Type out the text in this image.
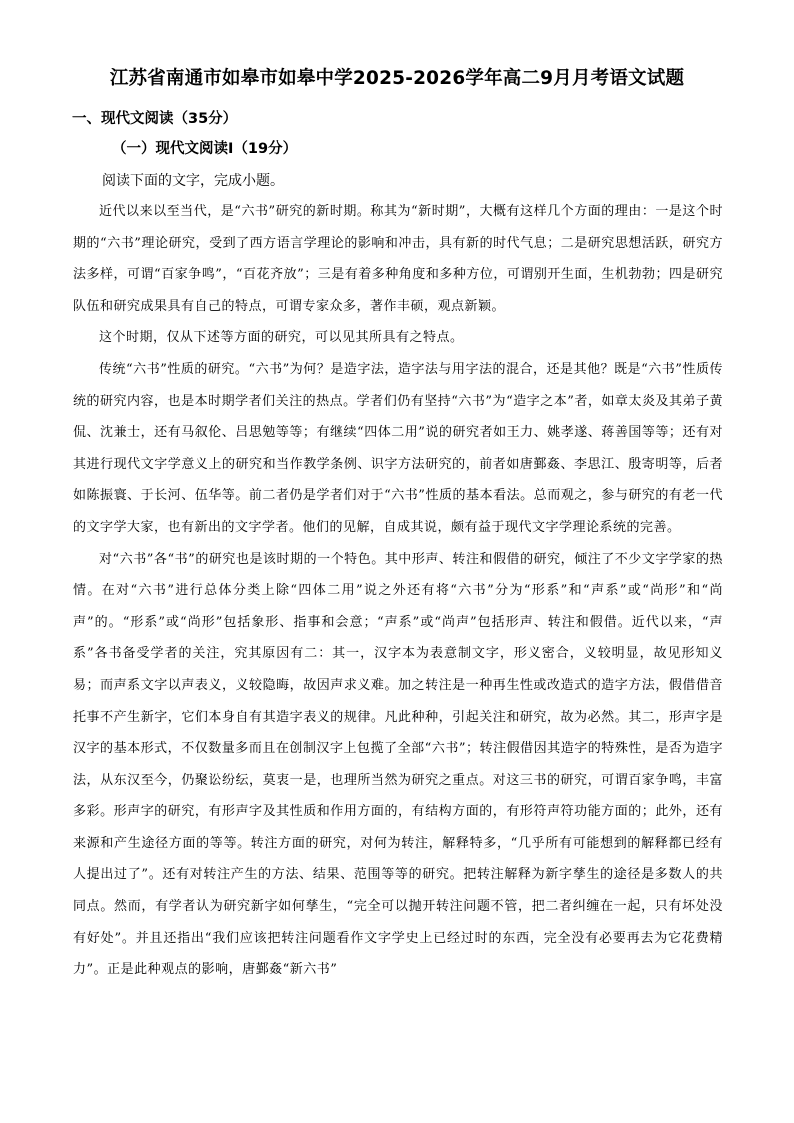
江苏省南通市如皋市如皋中学2025-2026学年高二9月月考语文试题
一、现代文阅读（35分）
（一）现代文阅读Ⅰ（19分）
阅读下面的文字，完成小题。

近代以来以至当代，是“六书”研究的新时期。称其为“新时期”，大概有这样几个方面的理由：一是这个时期的“六书”理论研究，受到了西方语言学理论的影响和冲击，具有新的时代气息；二是研究思想活跃，研究方法多样，可谓“百家争鸣”，“百花齐放”；三是有着多种角度和多种方位，可谓别开生面，生机勃勃；四是研究队伍和研究成果具有自己的特点，可谓专家众多，著作丰硕，观点新颖。

这个时期，仅从下述等方面的研究，可以见其所具有之特点。

传统“六书”性质的研究。“六书”为何？是造字法，造字法与用字法的混合，还是其他？既是“六书”性质传统的研究内容，也是本时期学者们关注的热点。学者们仍有坚持“六书”为“造字之本”者，如章太炎及其弟子黄侃、沈兼士，还有马叙伦、吕思勉等等；有继续“四体二用”说的研究者如王力、姚孝遂、蒋善国等等；还有对其进行现代文字学意义上的研究和当作教学条例、识字方法研究的，前者如唐鄞姦、李思江、殷寄明等，后者如陈振寰、于长河、伍华等。前二者仍是学者们对于“六书”性质的基本看法。总而观之，参与研究的有老一代的文字学大家，也有新出的文字学者。他们的见解，自成其说，颇有益于现代文字学理论系统的完善。

对“六书”各“书”的研究也是该时期的一个特色。其中形声、转注和假借的研究，倾注了不少文字学家的热情。在对“六书”进行总体分类上除“四体二用”说之外还有将“六书”分为“形系”和“声系”或“尚形”和“尚声”的。“形系”或“尚形”包括象形、指事和会意；“声系”或“尚声”包括形声、转注和假借。近代以来，“声系”各书备受学者的关注，究其原因有二：其一，汉字本为表意制文字，形义密合，义较明显，故见形知义易；而声系文字以声表义，义较隐晦，故因声求义难。加之转注是一种再生性或改造式的造字方法，假借借音托事不产生新字，它们本身自有其造字表义的规律。凡此种种，引起关注和研究，故为必然。其二，形声字是汉字的基本形式，不仅数量多而且在创制汉字上包揽了全部“六书”；转注假借因其造字的特殊性，是否为造字法，从东汉至今，仍聚讼纷纭，莫衷一是，也理所当然为研究之重点。对这三书的研究，可谓百家争鸣，丰富多彩。形声字的研究，有形声字及其性质和作用方面的，有结构方面的，有形符声符功能方面的；此外，还有来源和产生途径方面的等等。转注方面的研究，对何为转注，解释特多，“几乎所有可能想到的解释都已经有人提出过了”。还有对转注产生的方法、结果、范围等等的研究。把转注解释为新字孳生的途径是多数人的共同点。然而，有学者认为研究新字如何孳生，“完全可以抛开转注问题不管，把二者纠缠在一起，只有坏处没有好处”。并且还指出“我们应该把转注问题看作文字学史上已经过时的东西，完全没有必要再去为它花费精力”。正是此种观点的影响，唐鄞姦“新六书”
